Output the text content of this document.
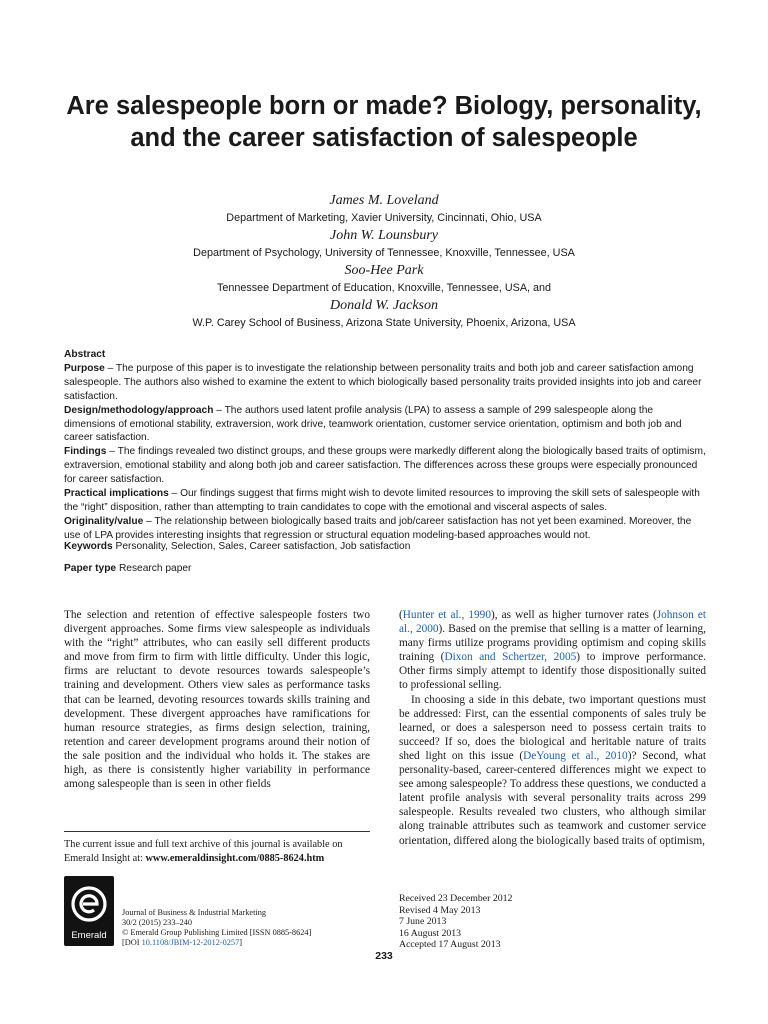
Are salespeople born or made? Biology, personality, and the career satisfaction of salespeople

James M. Loveland

Department of Marketing, Xavier University, Cincinnati, Ohio, USA

John W. Lounsbury

Department of Psychology, University of Tennessee, Knoxville, Tennessee, USA

Soo-Hee Park

Tennessee Department of Education, Knoxville, Tennessee, USA, and

Donald W. Jackson

W.P. Carey School of Business, Arizona State University, Phoenix, Arizona, USA

Abstract

Purpose – The purpose of this paper is to investigate the relationship between personality traits and both job and career satisfaction among salespeople. The authors also wished to examine the extent to which biologically based personality traits provided insights into job and career satisfaction.

Design/methodology/approach – The authors used latent profile analysis (LPA) to assess a sample of 299 salespeople along the dimensions of emotional stability, extraversion, work drive, teamwork orientation, customer service orientation, optimism and both job and career satisfaction.

Findings – The findings revealed two distinct groups, and these groups were markedly different along the biologically based traits of optimism, extraversion, emotional stability and along both job and career satisfaction. The differences across these groups were especially pronounced for career satisfaction.

Practical implications – Our findings suggest that firms might wish to devote limited resources to improving the skill sets of salespeople with the “right” disposition, rather than attempting to train candidates to cope with the emotional and visceral aspects of sales.

Originality/value – The relationship between biologically based traits and job/career satisfaction has not yet been examined. Moreover, the use of LPA provides interesting insights that regression or structural equation modeling-based approaches would not.

Keywords Personality, Selection, Sales, Career satisfaction, Job satisfaction
Paper type Research paper

The selection and retention of effective salespeople fosters two divergent approaches. Some firms view salespeople as individuals with the “right” attributes, who can easily sell different products and move from firm to firm with little difficulty. Under this logic, firms are reluctant to devote resources towards salespeople’s training and development. Others view sales as performance tasks that can be learned, devoting resources towards skills training and development. These divergent approaches have ramifications for human resource strategies, as firms design selection, training, retention and career development programs around their notion of the sale position and the individual who holds it. The stakes are high, as there is consistently higher variability in performance among salespeople than is seen in other fields

(Hunter et al., 1990), as well as higher turnover rates (Johnson et al., 2000). Based on the premise that selling is a matter of learning, many firms utilize programs providing optimism and coping skills training (Dixon and Schertzer, 2005) to improve performance. Other firms simply attempt to identify those dispositionally suited to professional selling.

In choosing a side in this debate, two important questions must be addressed: First, can the essential components of sales truly be learned, or does a salesperson need to possess certain traits to succeed? If so, does the biological and heritable nature of traits shed light on this issue (DeYoung et al., 2010)? Second, what personality-based, career-centered differences might we expect to see among salespeople? To address these questions, we conducted a latent profile analysis with several personality traits across 299 salespeople. Results revealed two clusters, who although similar along trainable attributes such as teamwork and customer service orientation, differed along the biologically based traits of optimism,

The current issue and full text archive of this journal is available on Emerald Insight at: www.emeraldinsight.com/0885-8624.htm

Emerald

Journal of Business & Industrial Marketing

30/2 (2015) 233–240

© Emerald Group Publishing Limited [ISSN 0885-8624]

[DOI 10.1108/JBIM-12-2012-0257]

Received 23 December 2012

Revised 4 May 2013

7 June 2013

16 August 2013

Accepted 17 August 2013

233
